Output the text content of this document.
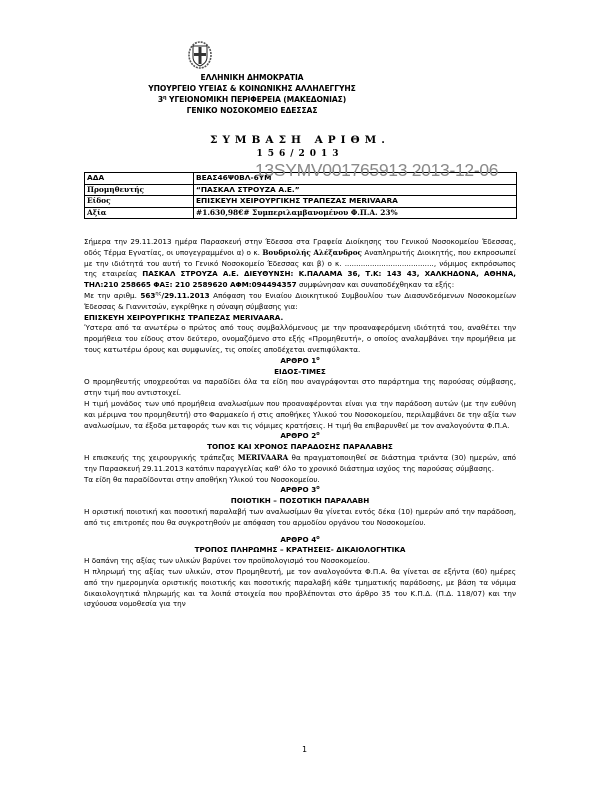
ΕΛΛΗΝΙΚΗ ΔΗΜΟΚΡΑΤΙΑ
ΥΠΟΥΡΓΕΙΟ ΥΓΕΙΑΣ & ΚΟΙΝΩΝΙΚΗΣ ΑΛΛΗΛΕΓΓΥΗΣ
$3^\eta$ ΥΓΕΙΟΝΟΜΙΚΗ ΠΕΡΙΦΕΡΕΙΑ (ΜΑΚΕΔΟΝΙΑΣ)
ΓΕΝΙΚΟ ΝΟΣΟΚΟΜΕΙΟ ΕΔΕΣΣΑΣ
ΣΥΜΒΑΣΗ ΑΡΙΘΜ.
156/2013
ΑΔΑ	ΒΕΑΣ46Ψ0ΒΛ-6ΥΜ
Προμηθευτής	“ΠΑΣΚΑΛ ΣΤΡΟΥΖΑ Α.Ε.”
Είδος	ΕΠΙΣΚΕΥΗ ΧΕΙΡΟΥΡΓΙΚΗΣ ΤΡΑΠΕΖΑΣ MERIVAARA
Αξία	#1.630,98€# Συμπεριλαμβανομένου Φ.Π.Α. 23%
13SYMV001765913 2013-12-06

Σήμερα την 29.11.2013 ημέρα Παρασκευή στην Έδεσσα στα Γραφεία Διοίκησης του Γενικού Νοσοκομείου Έδεσσας, οδός Τέρμα Εγνατίας, οι υπογεγραμμένοι α) ο κ. Βουδριολής Αλέξανδρος Αναπληρωτής Διοικητής, που εκπροσωπεί με την ιδιότητά του αυτή το Γενικό Νοσοκομείο Έδεσσας και β) ο κ. ......................................., νόμιμος εκπρόσωπος της εταιρείας ΠΑΣΚΑΛ ΣΤΡΟΥΖΑ Α.Ε. ΔΙΕΥΘΥΝΣΗ: Κ.ΠΑΛΑΜΑ 36, Τ.Κ: 143 43, ΧΑΛΚΗΔΟΝΑ, ΑΘΗΝΑ, ΤΗΛ:210 258665 ΦΑΞ: 210 2589620 ΑΦΜ:094494357 συμφώνησαν και συναποδέχθηκαν τα εξής:

Με την αριθμ. $563^{\eta\varsigma}/29.11.2013$ Απόφαση του Ενιαίου Διοικητικού Συμβουλίου των Διασυνδεόμενων Νοσοκομείων Έδεσσας & Γιαννιτσών, εγκρίθηκε η σύναψη σύμβασης για:

ΕΠΙΣΚΕΥΗ ΧΕΙΡΟΥΡΓΙΚΗΣ ΤΡΑΠΕΖΑΣ MERIVAARA.

Ύστερα από τα ανωτέρω ο πρώτος από τους συμβαλλόμενους με την προαναφερόμενη ιδιότητά του, αναθέτει την προμήθεια του είδους στον δεύτερο, ονομαζόμενο στο εξής «Προμηθευτή», ο οποίος αναλαμβάνει την προμήθεια με τους κατωτέρω όρους και συμφωνίες, τις οποίες αποδέχεται ανεπιφύλακτα.

ΑΡΘΡΟ $1^o$

ΕΙΔΟΣ-ΤΙΜΕΣ

Ο προμηθευτής υποχρεούται να παραδίδει όλα τα είδη που αναγράφονται στο παράρτημα της παρούσας σύμβασης, στην τιμή που αντιστοιχεί.

Η τιμή μονάδος των υπό προμήθεια αναλωσίμων που προαναφέρονται είναι για την παράδοση αυτών (με την ευθύνη και μέριμνα του προμηθευτή) στο Φαρμακείο ή στις αποθήκες Υλικού του Νοσοκομείου, περιλαμβάνει δε την αξία των αναλωσίμων, τα έξοδα μεταφοράς των και τις νόμιμες κρατήσεις. Η τιμή θα επιβαρυνθεί με τον αναλογούντα Φ.Π.Α.

ΑΡΘΡΟ $2^o$

ΤΟΠΟΣ ΚΑΙ ΧΡΟΝΟΣ ΠΑΡΑΔΟΣΗΣ ΠΑΡΑΛΑΒΗΣ

Η επισκευής της χειρουργικής τράπεζας MERIVAARA θα πραγματοποιηθεί σε διάστημα τριάντα (30) ημερών, από την Παρασκευή 29.11.2013 κατόπιν παραγγελίας καθ' όλο το χρονικό διάστημα ισχύος της παρούσας σύμβασης.

Τα είδη θα παραδίδονται στην αποθήκη Υλικού του Νοσοκομείου.

ΑΡΘΡΟ $3^o$

ΠΟΙΟΤΙΚΗ – ΠΟΣΟΤΙΚΗ ΠΑΡΑΛΑΒΗ

Η οριστική ποιοτική και ποσοτική παραλαβή των αναλωσίμων θα γίνεται εντός δέκα (10) ημερών από την παράδοση, από τις επιτροπές που θα συγκροτηθούν με απόφαση του αρμοδίου οργάνου του Νοσοκομείου.

ΑΡΘΡΟ $4^o$

ΤΡΟΠΟΣ ΠΛΗΡΩΜΗΣ – ΚΡΑΤΗΣΕΙΣ- ΔΙΚΑΙΟΛΟΓΗΤΙΚΑ

Η δαπάνη της αξίας των υλικών βαρύνει τον προϋπολογισμό του Νοσοκομείου.

Η πληρωμή της αξίας των υλικών, στον Προμηθευτή, με τον αναλογούντα Φ.Π.Α. θα γίνεται σε εξήντα (60) ημέρες από την ημερομηνία οριστικής ποιοτικής και ποσοτικής παραλαβή κάθε τμηματικής παράδοσης, με βάση τα νόμιμα δικαιολογητικά πληρωμής και τα λοιπά στοιχεία που προβλέπονται στο άρθρο 35 του Κ.Π.Δ. (Π.Δ. 118/07) και την ισχύουσα νομοθεσία για την

1
